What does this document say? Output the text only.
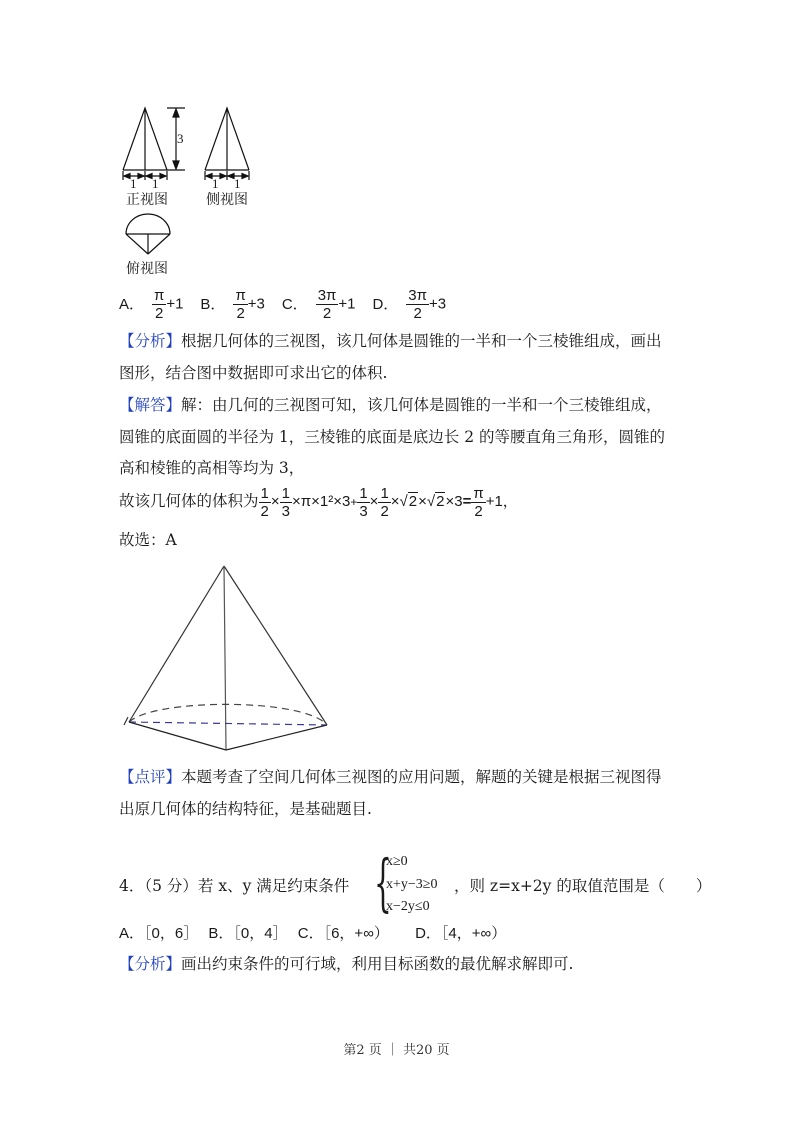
3
1 1	1 1
正视图	侧视图
俯视图
A． $\frac{\pi}{2} +1$ B． $\frac{\pi}{2} +3$ C． $\frac{3\pi}{2} +1$ D． $\frac{3\pi}{2} +3$
【分析】根据几何体的三视图，该几何体是圆锥的一半和一个三棱锥组成，画出
图形，结合图中数据即可求出它的体积.
【解答】解：由几何的三视图可知，该几何体是圆锥的一半和一个三棱锥组成，
圆锥的底面圆的半径为 1，三棱锥的底面是底边长 2 的等腰直角三角形，圆锥的
高和棱锥的高相等均为 3，
故该几何体的体积为 $\frac{1}{2} \times \frac{1}{3} \times\pi\times 1^2\times 3+ \frac{1}{3} \times \frac{1}{2} \times√2\times√2\times 3= \frac{\pi}{2} +1$，
故选：A
【点评】本题考查了空间几何体三视图的应用问题，解题的关键是根据三视图得
出原几何体的结构特征，是基础题目.
4．（5 分）若 x、y 满足约束条件 {
x≥0
x+y−3≥0
x−2y≤0
，则 z=x+2y 的取值范围是（　　）
A．［0，6］ B．［0，4］ C．［6，+∞） D．［4，+∞）
【分析】画出约束条件的可行域，利用目标函数的最优解求解即可.
第2 页 ｜ 共20 页
